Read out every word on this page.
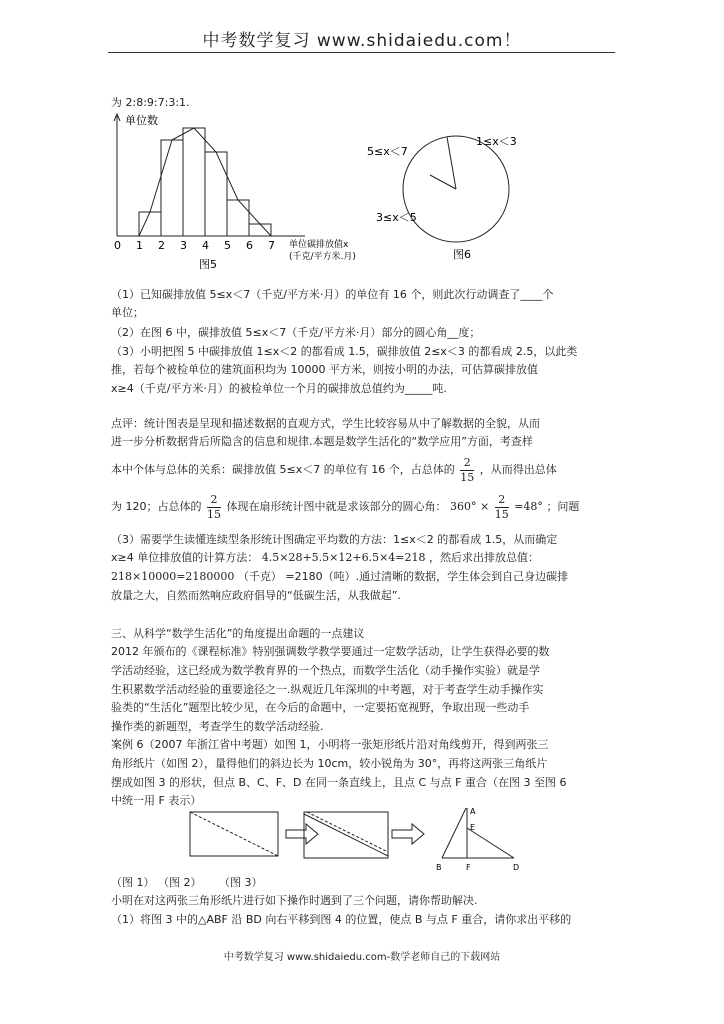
中考数学复习 www.shidaiedu.com！
为 2:8:9:7:3:1.
单位数
0 1 2 3 4 5 6 7 单位碳排放值x
(千克/平方米.月)
图5
1≤x＜3
5≤x＜7
3≤x＜5
图6
（1）已知碳排放值 5≤x＜7（千克/平方米·月）的单位有 16 个，则此次行动调查了____个
单位；
（2）在图 6 中，碳排放值 5≤x＜7（千克/平方米·月）部分的圆心角__度；
（3）小明把图 5 中碳排放值 1≤x＜2 的都看成 1.5，碳排放值 2≤x＜3 的都看成 2.5，以此类
推，若每个被检单位的建筑面积均为 10000 平方米，则按小明的办法，可估算碳排放值
x≥4（千克/平方米·月）的被检单位一个月的碳排放总值约为_____吨.
点评：统计图表是呈现和描述数据的直观方式，学生比较容易从中了解数据的全貌，从而
进一步分析数据背后所隐含的信息和规律.本题是数学生活化的“数学应用”方面，考查样
本中个体与总体的关系：碳排放值 5≤x＜7 的单位有 16 个，占总体的 $\frac{2}{15}$ ，从而得出总体
为 120；占总体的 $\frac{2}{15}$ 体现在扇形统计图中就是求该部分的圆心角： $360^\circ \times \frac{2}{15} =48^\circ$ ；问题
（3）需要学生读懂连续型条形统计图确定平均数的方法：1≤x＜2 的都看成 1.5，从而确定
x≥4 单位排放值的计算方法： 4.5×28+5.5×12+6.5×4=218 ，然后求出排放总值：
218×10000=2180000 （千克） =2180（吨）.通过清晰的数据，学生体会到自己身边碳排
放量之大，自然而然响应政府倡导的“低碳生活，从我做起”.
三、从科学“数学生活化”的角度提出命题的一点建议
2012 年颁布的《课程标准》特别强调数学教学要通过一定数学活动，让学生获得必要的数
学活动经验，这已经成为数学教育界的一个热点，而数学生活化（动手操作实验）就是学
生积累数学活动经验的重要途径之一.纵观近几年深圳的中考题，对于考查学生动手操作实
验类的“生活化”题型比较少见，在今后的命题中，一定要拓宽视野，争取出现一些动手
操作类的新题型，考查学生的数学活动经验.
案例 6（2007 年浙江省中考题）如图 1，小明将一张矩形纸片沿对角线剪开，得到两张三
角形纸片（如图 2），量得他们的斜边长为 10cm，较小锐角为 30°，再将这两张三角纸片
摆成如图 3 的形状，但点 B、C、F、D 在同一条直线上，且点 C 与点 F 重合（在图 3 至图 6
中统一用 F 表示）
A
E
B	F	D
（图 1） （图 2） （图 3）
小明在对这两张三角形纸片进行如下操作时遇到了三个问题，请你帮助解决.
（1）将图 3 中的△ABF 沿 BD 向右平移到图 4 的位置，使点 B 与点 F 重合，请你求出平移的
中考数学复习 www.shidaiedu.com-数学老师自己的下载网站
